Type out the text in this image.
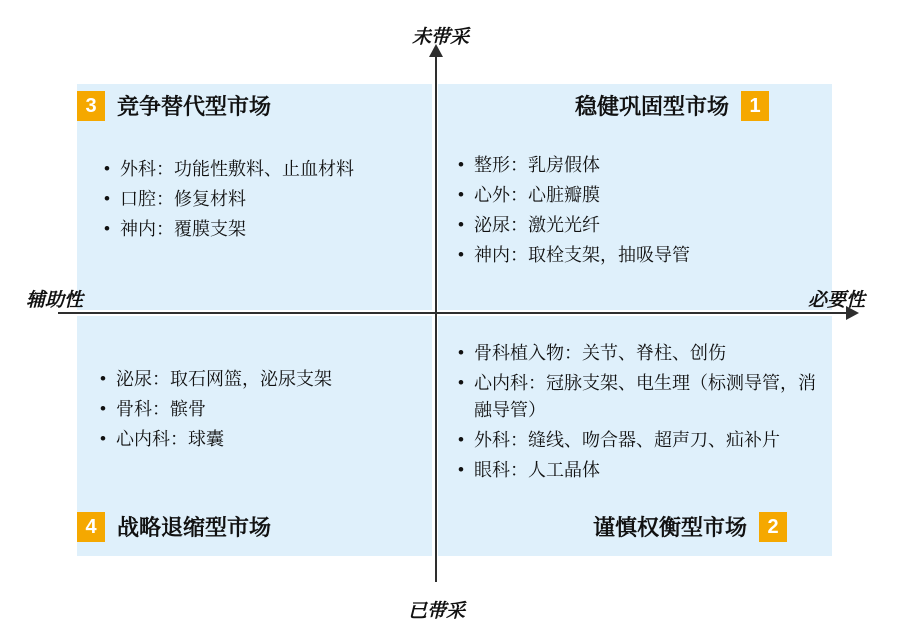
未带采
已带采
辅助性	必要性
3 竞争替代型市场	稳健巩固型市场	1
4 战略退缩型市场	谨慎权衡型市场	2
• 外科：功能性敷料、止血材料
• 口腔：修复材料
• 神内：覆膜支架
• 整形：乳房假体
• 心外：心脏瓣膜
• 泌尿：激光光纤
• 神内：取栓支架，抽吸导管
• 泌尿：取石网篮，泌尿支架
• 骨科：髌骨
• 心内科：球囊
• 骨科植入物：关节、脊柱、创伤
• 心内科：冠脉支架、电生理（标测导管，消融导管）
• 外科：缝线、吻合器、超声刀、疝补片
• 眼科：人工晶体
